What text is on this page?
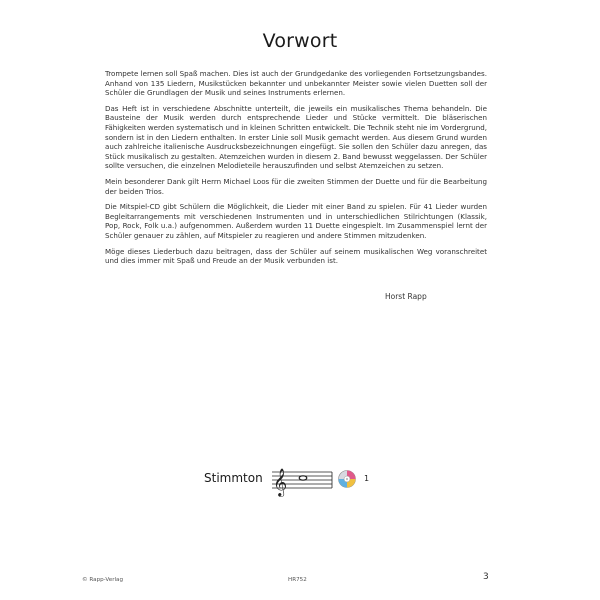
Vorwort

Trompete lernen soll Spaß machen. Dies ist auch der Grundgedanke des vorliegenden Fortsetzungsbandes. Anhand von 135 Liedern, Musikstücken bekannter und unbekannter Meister sowie vielen Duetten soll der Schüler die Grundlagen der Musik und seines Instruments erlernen.

Das Heft ist in verschiedene Abschnitte unterteilt, die jeweils ein musikalisches Thema behandeln. Die Bausteine der Musik werden durch entsprechende Lieder und Stücke vermittelt. Die bläserischen Fähigkeiten werden systematisch und in kleinen Schritten entwickelt. Die Technik steht nie im Vordergrund, sondern ist in den Liedern enthalten. In erster Linie soll Musik gemacht werden. Aus diesem Grund wurden auch zahlreiche italienische Ausdrucksbezeichnungen eingefügt. Sie sollen den Schüler dazu anregen, das Stück musikalisch zu gestalten. Atemzeichen wurden in diesem 2. Band bewusst weggelassen. Der Schüler sollte versuchen, die einzelnen Melodieteile herauszufinden und selbst Atemzeichen zu setzen.

Mein besonderer Dank gilt Herrn Michael Loos für die zweiten Stimmen der Duette und für die Bearbeitung der beiden Trios.

Die Mitspiel-CD gibt Schülern die Möglichkeit, die Lieder mit einer Band zu spielen. Für 41 Lieder wurden Begleitarrangements mit verschiedenen Instrumenten und in unterschiedlichen Stilrichtungen (Klassik, Pop, Rock, Folk u.a.) aufgenommen. Außerdem wurden 11 Duette eingespielt. Im Zusammenspiel lernt der Schüler genauer zu zählen, auf Mitspieler zu reagieren und andere Stimmen mitzudenken.

Möge dieses Liederbuch dazu beitragen, dass der Schüler auf seinem musikalischen Weg voranschreitet und dies immer mit Spaß und Freude an der Musik verbunden ist.

Horst Rapp
Stimmton 𝄞	1
© Rapp-Verlag	HR752	3
